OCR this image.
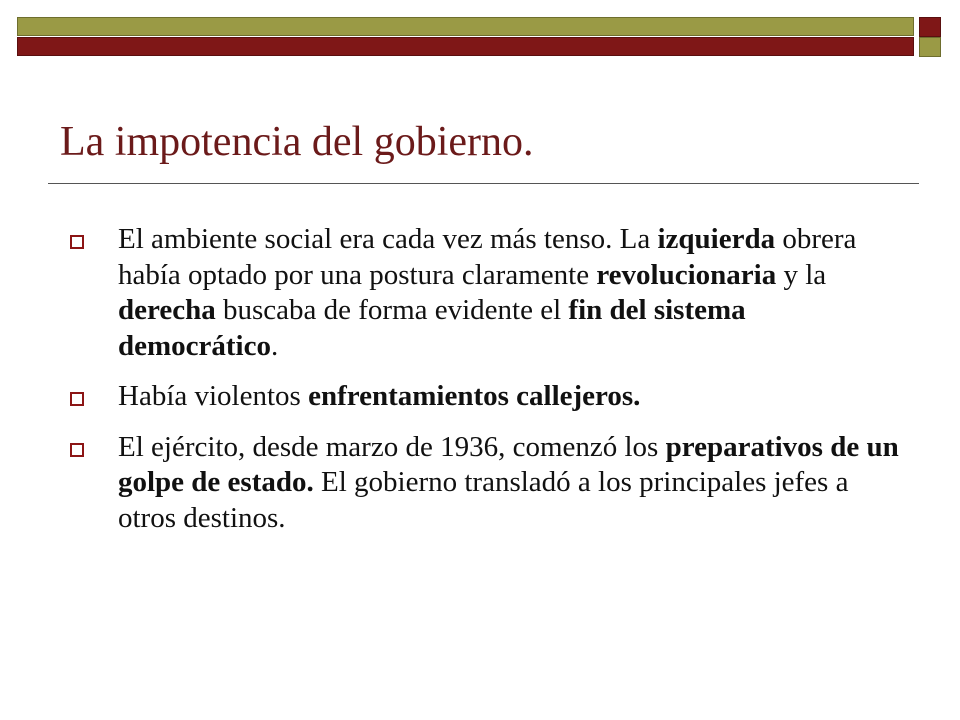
La impotencia del gobierno.
El ambiente social era cada vez más tenso. La izquierda obrera había optado por una postura claramente revolucionaria y la derecha buscaba de forma evidente el fin del sistema democrático.
Había violentos enfrentamientos callejeros.
El ejército, desde marzo de 1936, comenzó los preparativos de un golpe de estado. El gobierno transladó a los principales jefes a otros destinos.
